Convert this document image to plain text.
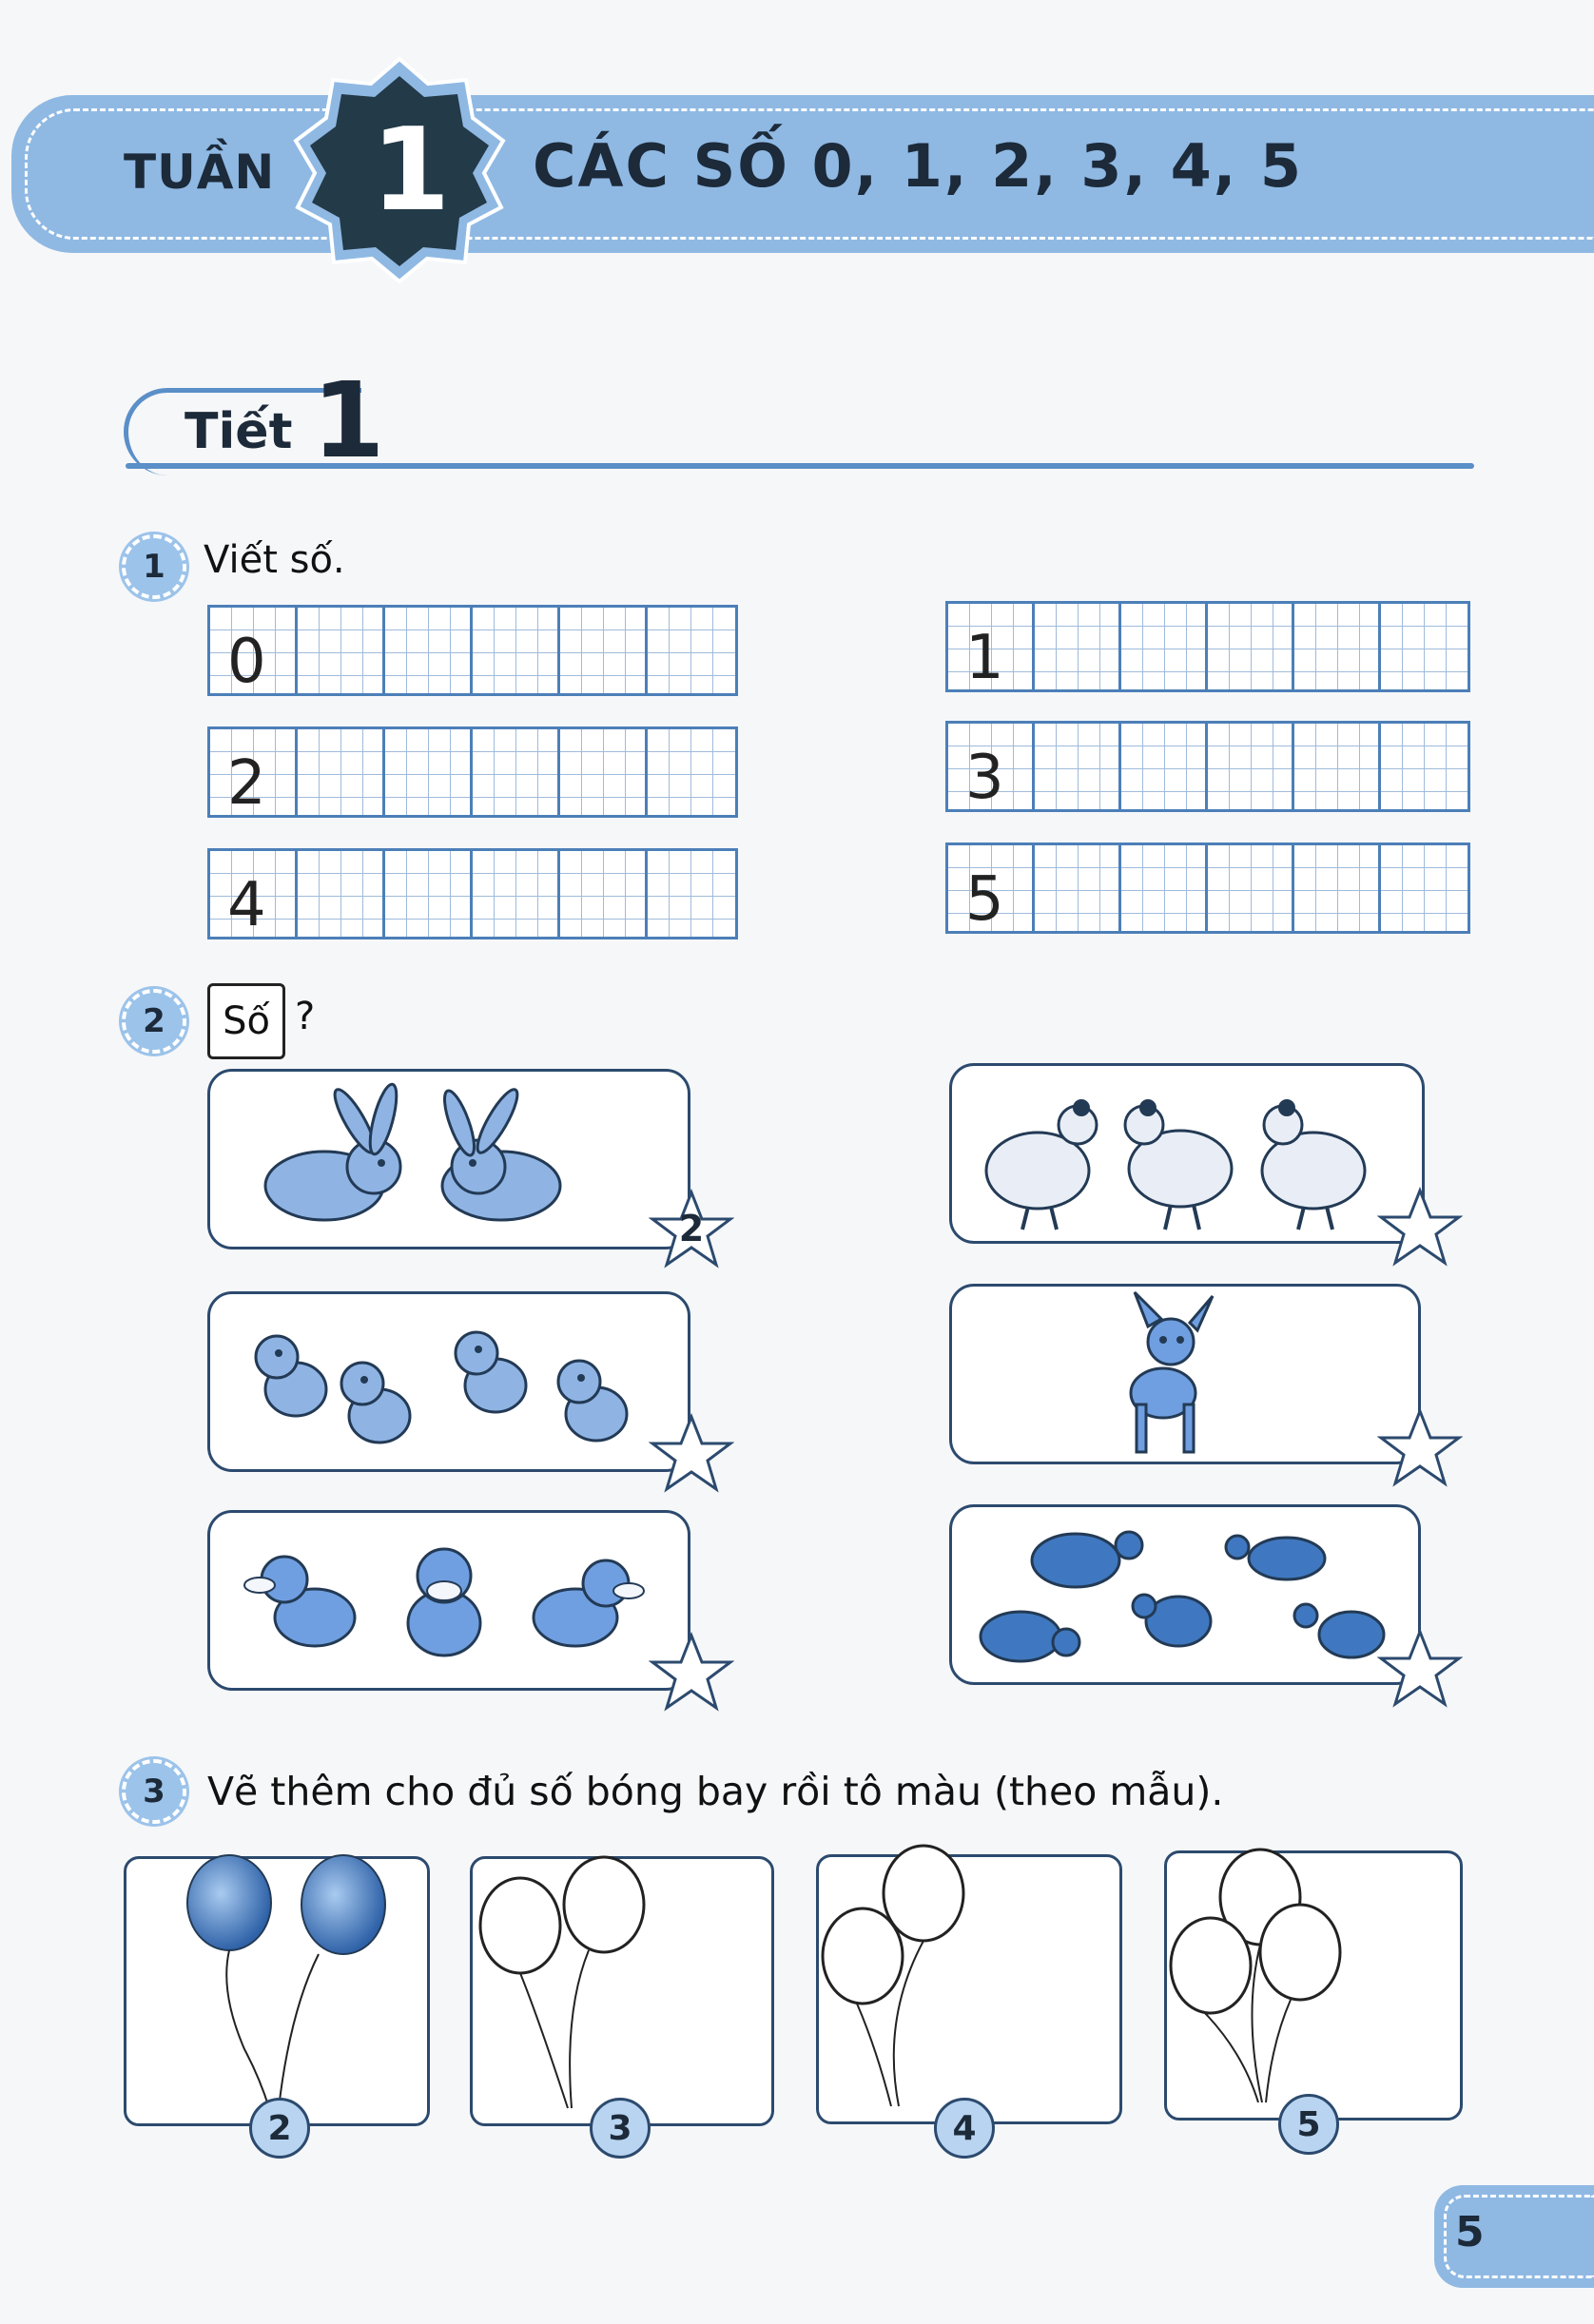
TUẦN 1 CÁC SỐ 0, 1, 2, 3, 4, 5
Tiết 1
1	Viết số.
0	1
2	3
4	5
2	Số ?
2
3	Vẽ thêm cho đủ số bóng bay rồi tô màu (theo mẫu).
2	3	4	5
5
